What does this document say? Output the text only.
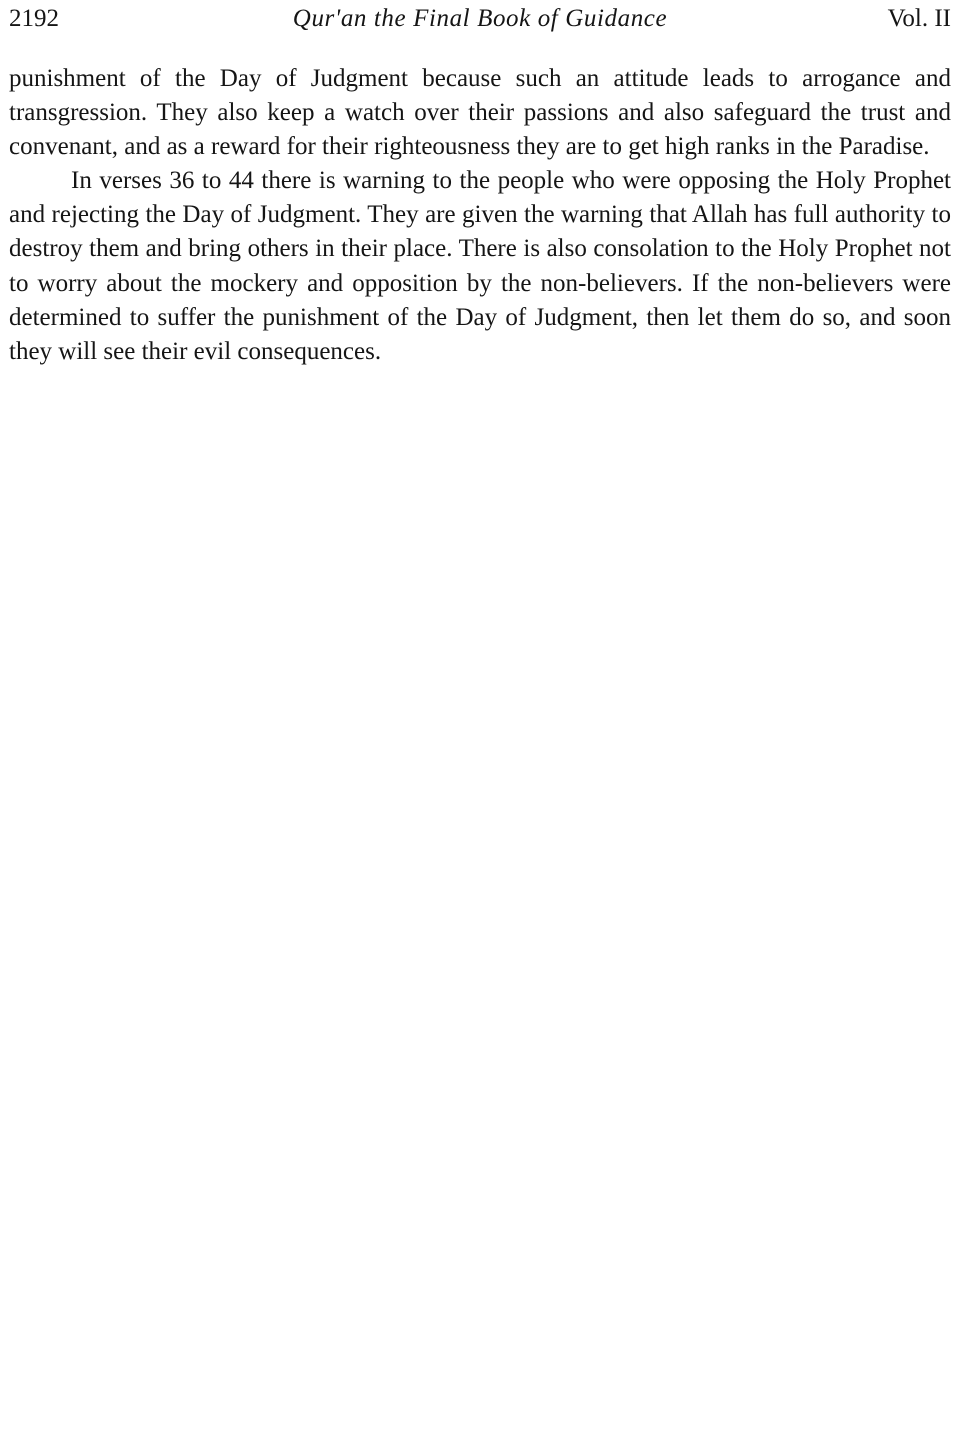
2192	Qur'an the Final Book of Guidance	Vol. II

punishment of the Day of Judgment because such an attitude leads to arrogance and transgression. They also keep a watch over their passions and also safeguard the trust and convenant, and as a reward for their righteousness they are to get high ranks in the Paradise.

In verses 36 to 44 there is warning to the people who were opposing the Holy Prophet and rejecting the Day of Judgment. They are given the warning that Allah has full authority to destroy them and bring others in their place. There is also consolation to the Holy Prophet not to worry about the mockery and opposition by the non-believers. If the non-believers were determined to suffer the punishment of the Day of Judgment, then let them do so, and soon they will see their evil consequences.
